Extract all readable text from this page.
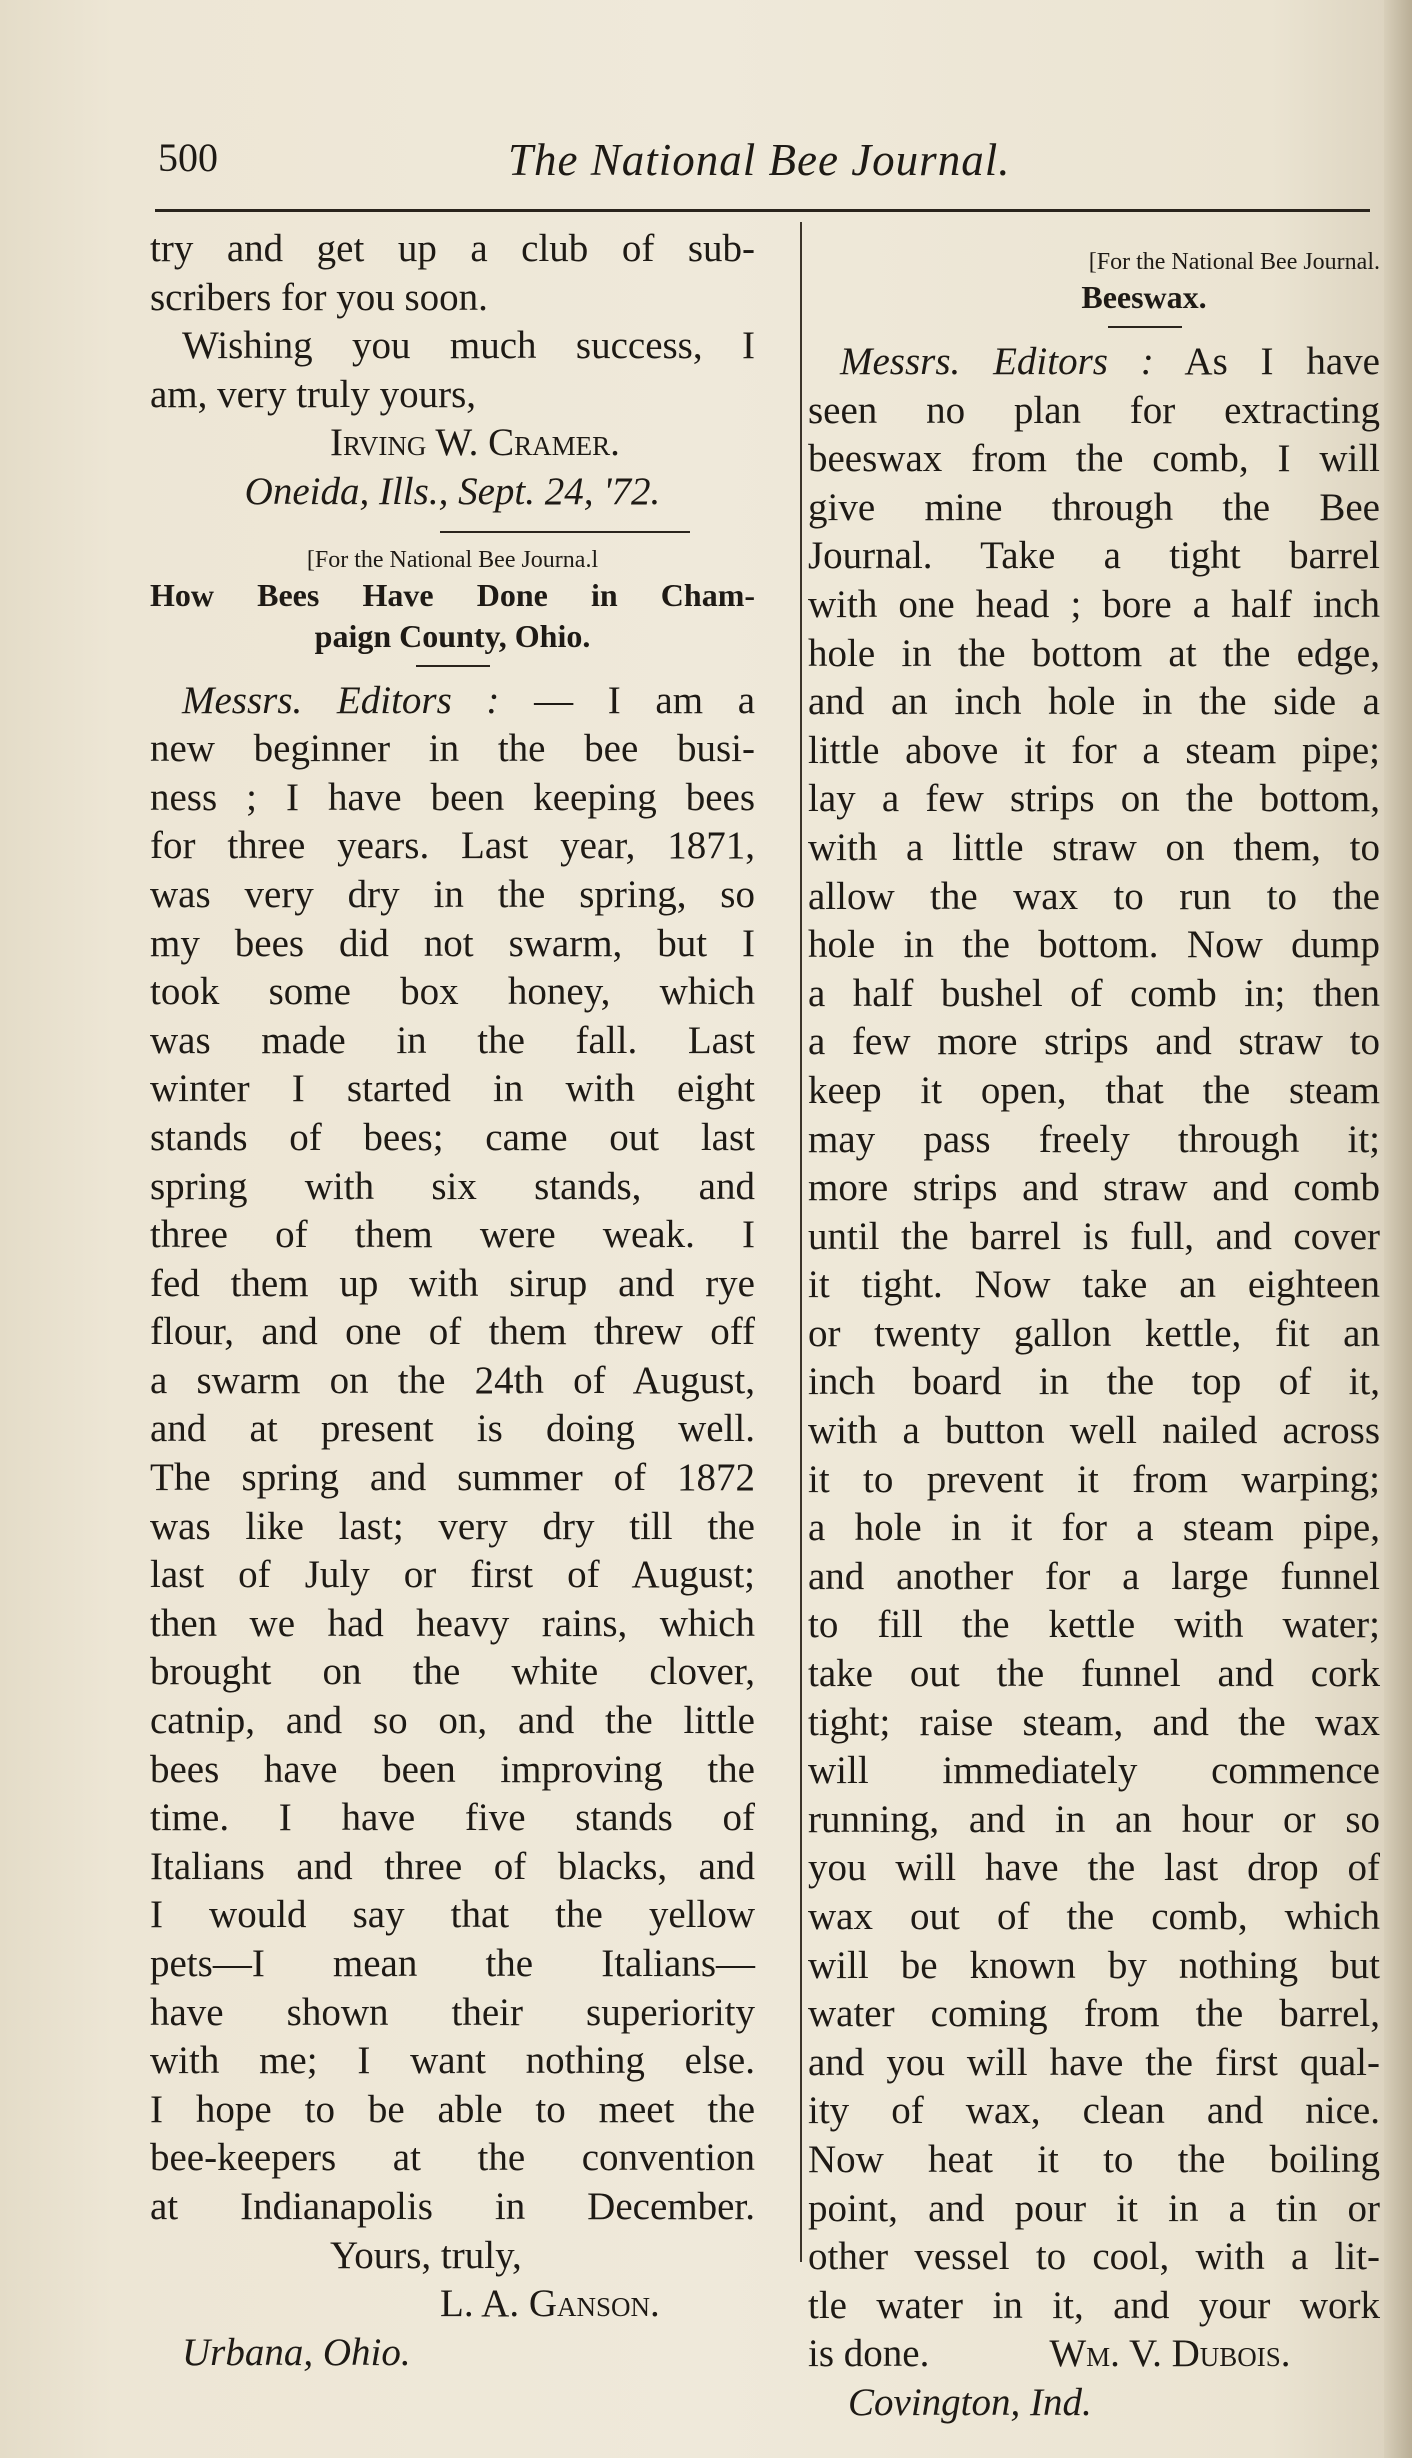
500	The National Bee Journal.
try and get up a club of sub-
scribers for you soon.
Wishing you much success, I
am, very truly yours,
Irving W. Cramer.
Oneida, Ills., Sept. 24, '72.
[For the National Bee Journa.l
How Bees Have Done in Cham-
paign County, Ohio.
Messrs. Editors : — I am a
new beginner in the bee busi-
ness ; I have been keeping bees
for three years. Last year, 1871,
was very dry in the spring, so
my bees did not swarm, but I
took some box honey, which
was made in the fall. Last
winter I started in with eight
stands of bees; came out last
spring with six stands, and
three of them were weak. I
fed them up with sirup and rye
flour, and one of them threw off
a swarm on the 24th of August,
and at present is doing well.
The spring and summer of 1872
was like last; very dry till the
last of July or first of August;
then we had heavy rains, which
brought on the white clover,
catnip, and so on, and the little
bees have been improving the
time. I have five stands of
Italians and three of blacks, and
I would say that the yellow
pets—I mean the Italians—
have shown their superiority
with me; I want nothing else.
I hope to be able to meet the
bee-keepers at the convention
at Indianapolis in December.
Yours, truly,
L. A. Ganson.
Urbana, Ohio.
[For the National Bee Journal.
Beeswax.
Messrs. Editors : As I have
seen no plan for extracting
beeswax from the comb, I will
give mine through the Bee
Journal. Take a tight barrel
with one head ; bore a half inch
hole in the bottom at the edge,
and an inch hole in the side a
little above it for a steam pipe;
lay a few strips on the bottom,
with a little straw on them, to
allow the wax to run to the
hole in the bottom. Now dump
a half bushel of comb in; then
a few more strips and straw to
keep it open, that the steam
may pass freely through it;
more strips and straw and comb
until the barrel is full, and cover
it tight. Now take an eighteen
or twenty gallon kettle, fit an
inch board in the top of it,
with a button well nailed across
it to prevent it from warping;
a hole in it for a steam pipe,
and another for a large funnel
to fill the kettle with water;
take out the funnel and cork
tight; raise steam, and the wax
will immediately commence
running, and in an hour or so
you will have the last drop of
wax out of the comb, which
will be known by nothing but
water coming from the barrel,
and you will have the first qual-
ity of wax, clean and nice.
Now heat it to the boiling
point, and pour it in a tin or
other vessel to cool, with a lit-
tle water in it, and your work
is done.	Wm. V. Dubois.
Covington, Ind.
